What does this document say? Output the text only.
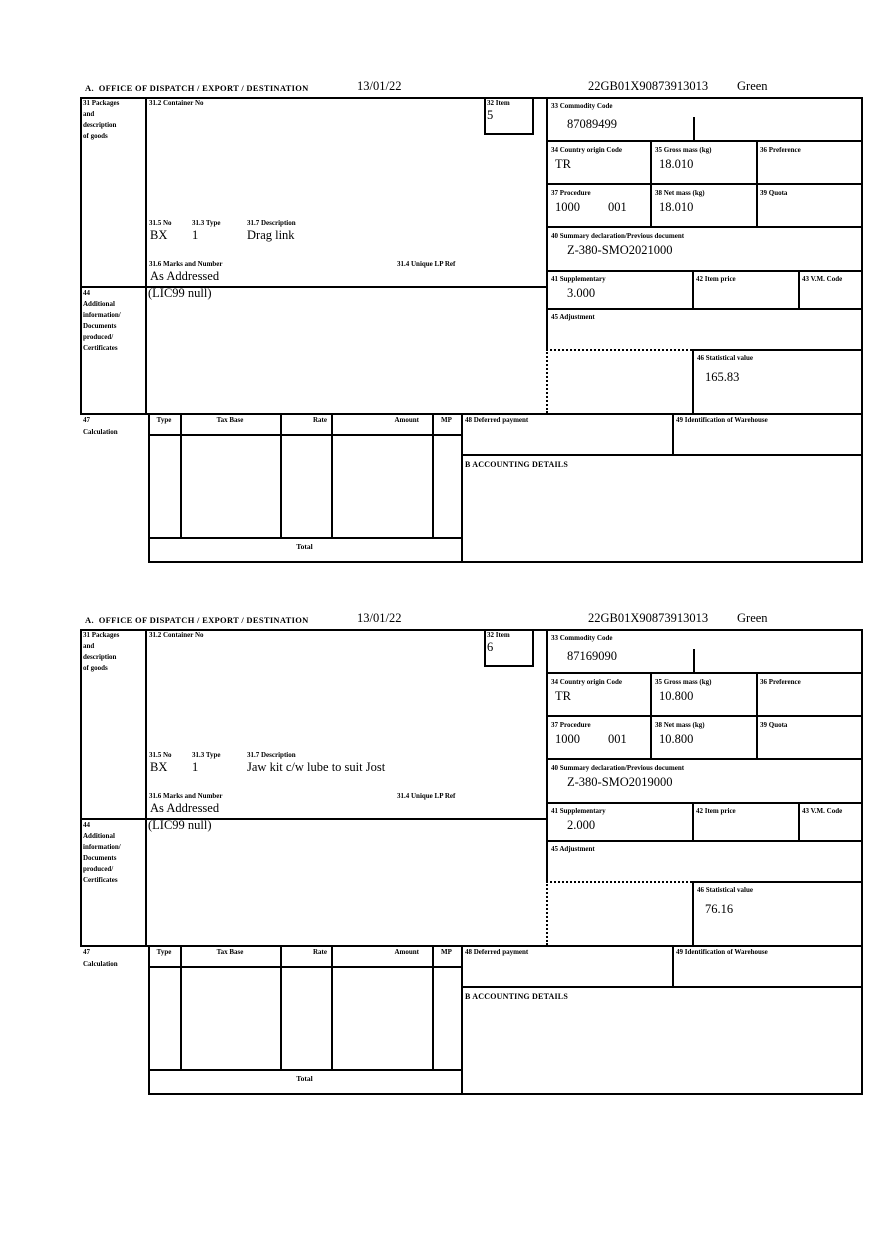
A.  OFFICE OF DISPATCH / EXPORT / DESTINATION	13/01/22	22GB01X90873913013 Green
31 Packages
and
description
of goods
44
Additional
information/
Documents
produced/
Certificates
31.2 Container No	32 Item
5
31.5 No	31.3 Type	31.7 Description
BX 1	Drag link
31.6 Marks and Number	31.4 Unique LP Ref
As Addressed
(LIC99 null)
33 Commodity Code
87089499
34 Country origin Code
TR
35 Gross mass (kg)
18.010
36 Preference
37 Procedure
1000 001
38 Net mass (kg)
18.010
39 Quota
40 Summary declaration/Previous document
Z-380-SMO2021000
41 Supplementary
3.000
42 Item price	43 V.M. Code
45 Adjustment
46 Statistical value
165.83
47
Calculation
Type	Tax Base	Rate	Amount	MP
Total
48 Deferred payment	49 Identification of Warehouse
B ACCOUNTING DETAILS
A.  OFFICE OF DISPATCH / EXPORT / DESTINATION	13/01/22	22GB01X90873913013 Green
31 Packages
and
description
of goods
44
Additional
information/
Documents
produced/
Certificates
31.2 Container No	32 Item
6
31.5 No	31.3 Type	31.7 Description
BX 1	Jaw kit c/w lube to suit Jost
31.6 Marks and Number	31.4 Unique LP Ref
As Addressed
(LIC99 null)
33 Commodity Code
87169090
34 Country origin Code
TR
35 Gross mass (kg)
10.800
36 Preference
37 Procedure
1000 001
38 Net mass (kg)
10.800
39 Quota
40 Summary declaration/Previous document
Z-380-SMO2019000
41 Supplementary
2.000
42 Item price	43 V.M. Code
45 Adjustment
46 Statistical value
76.16
47
Calculation
Type	Tax Base	Rate	Amount	MP
Total
48 Deferred payment	49 Identification of Warehouse
B ACCOUNTING DETAILS
